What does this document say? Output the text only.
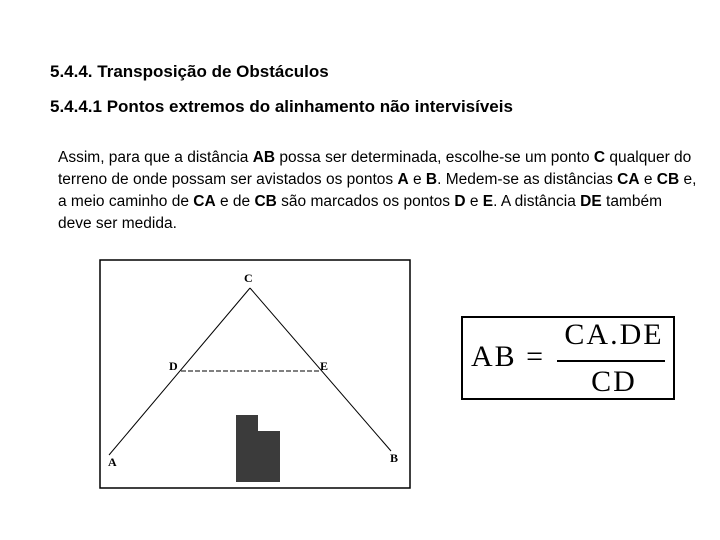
5.4.4. Transposição de Obstáculos
5.4.4.1 Pontos extremos do alinhamento não intervisíveis
Assim, para que a distância AB possa ser determinada, escolhe-se um ponto C qualquer do terreno de onde possam ser avistados os pontos A e B. Medem-se as distâncias CA e CB e, a meio caminho de CA e de CB são marcados os pontos D e E. A distância DE também deve ser medida.
C
D	E
A	B
AB =
CA.DE
CD
